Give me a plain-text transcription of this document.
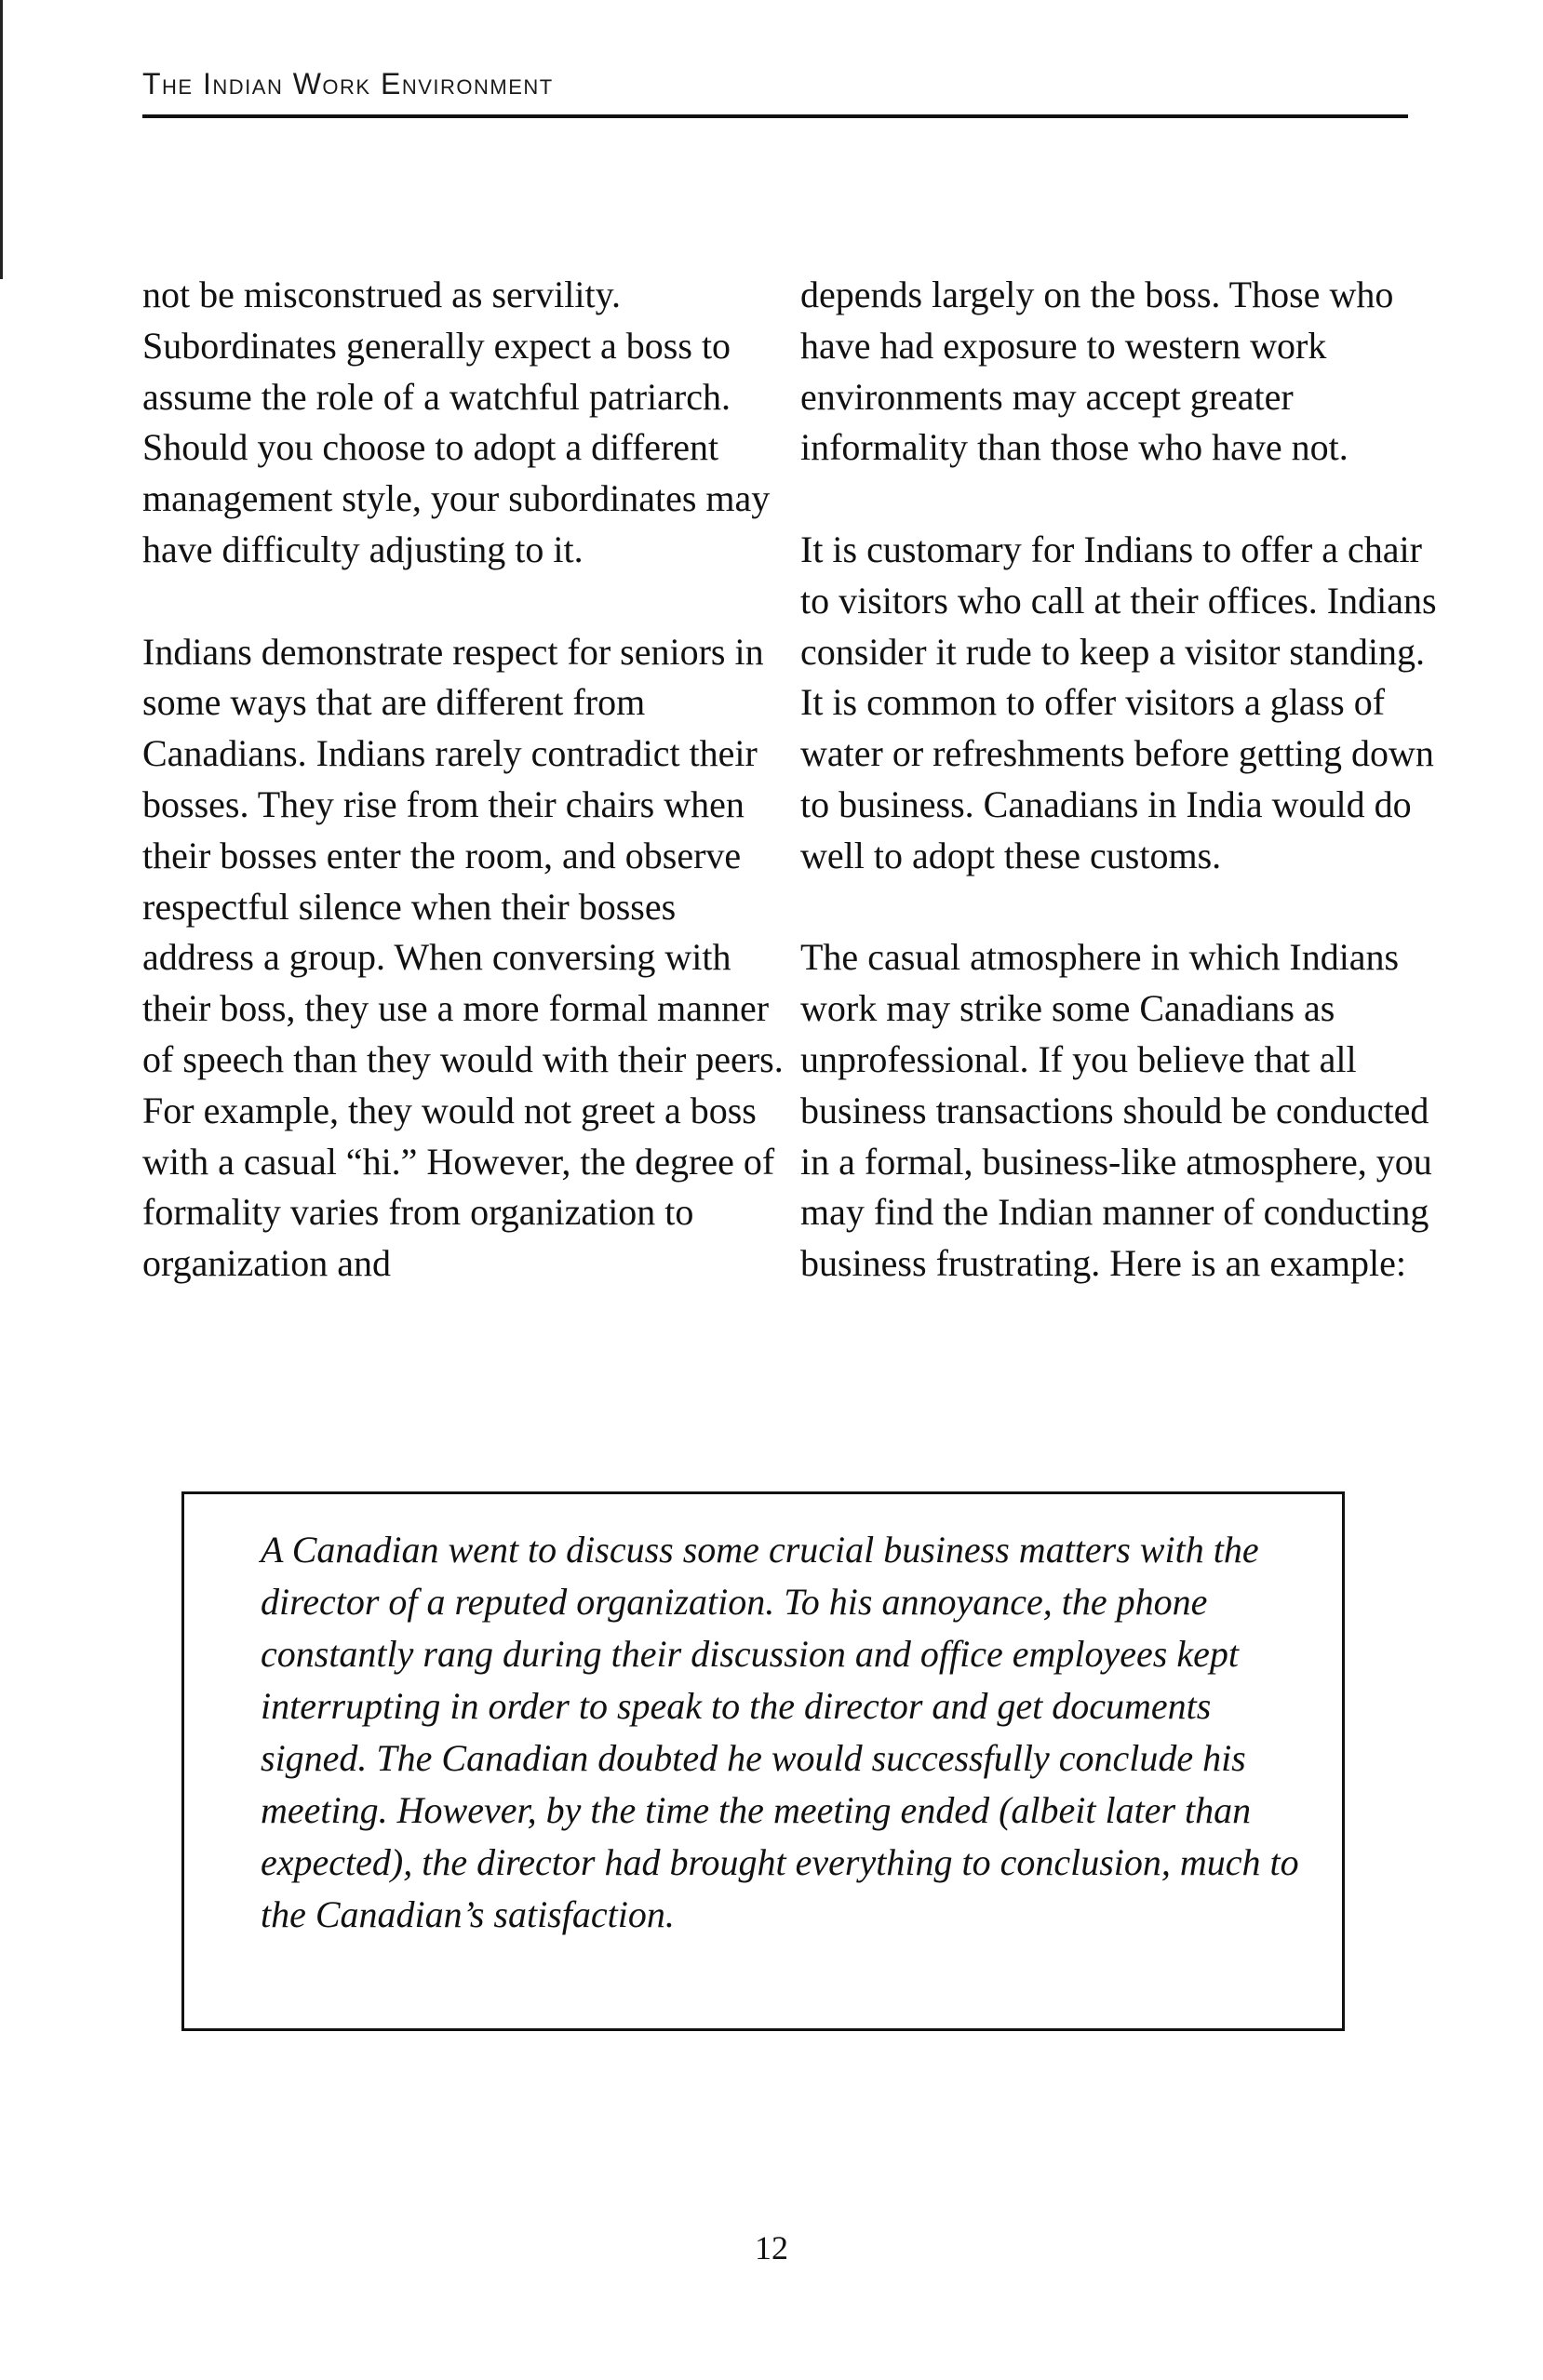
The Indian Work Environment

not be misconstrued as servility. Subordinates generally expect a boss to assume the role of a watchful patriarch. Should you choose to adopt a different management style, your subordinates may have difficulty adjusting to it.

Indians demonstrate respect for seniors in some ways that are different from Canadians. Indians rarely contradict their bosses. They rise from their chairs when their bosses enter the room, and observe respectful silence when their bosses address a group. When conversing with their boss, they use a more formal manner of speech than they would with their peers. For example, they would not greet a boss with a casual “hi.” However, the degree of formality varies from organization to organization and

depends largely on the boss. Those who have had exposure to western work environments may accept greater informality than those who have not.

It is customary for Indians to offer a chair to visitors who call at their offices. Indians consider it rude to keep a visitor standing. It is common to offer visitors a glass of water or refreshments before getting down to business. Canadians in India would do well to adopt these customs.

The casual atmosphere in which Indians work may strike some Canadians as unprofessional. If you believe that all business transactions should be conducted in a formal, business-like atmosphere, you may find the Indian manner of conducting business frustrating. Here is an example:

A Canadian went to discuss some crucial business matters with the director of a reputed organization. To his annoyance, the phone constantly rang during their discussion and office employees kept interrupting in order to speak to the director and get documents signed. The Canadian doubted he would successfully conclude his meeting. However, by the time the meeting ended (albeit later than expected), the director had brought everything to conclusion, much to the Canadian’s satisfaction.

12
